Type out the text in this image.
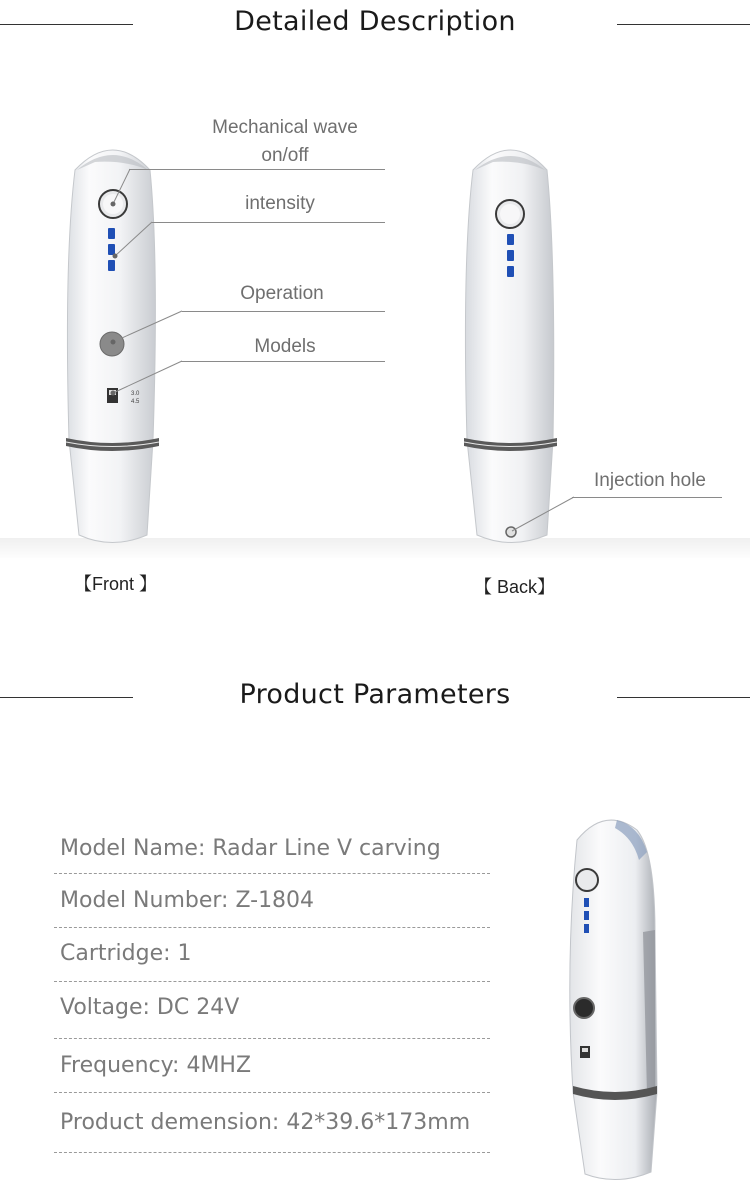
Detailed Description
3.0
4.5
Mechanical wave
on/off
intensity
Operation
Models
Injection hole
【Front 】	【 Back】
Product Parameters
Model Name: Radar Line V carving
Model Number: Z-1804
Cartridge: 1
Voltage: DC 24V
Frequency: 4MHZ
Product demension: 42*39.6*173mm
